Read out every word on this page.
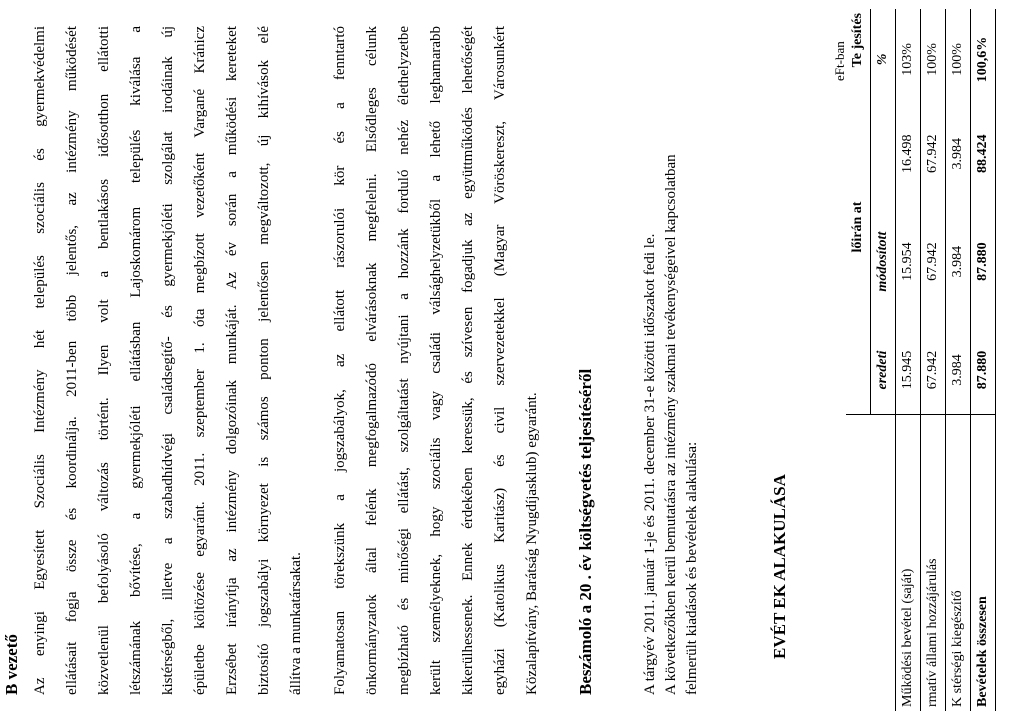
B vezető Az enyingi Egyesített Szociális Intézmény hét település szociális és gyermekvédelmi ellátásait fogja össze és koordinálja. 2011-ben több jelentős, az intézmény működését közvetlenül befolyásoló változás történt. Ilyen volt a bentlakásos idősotthon ellátotti létszámának bővítése, a gyermekjóléti ellátásban Lajoskomárom település kiválása a kistérségből, illetve a szabadhídvégi családsegítő- és gyermekjóléti szolgálat irodáinak új épületbe költözése egyaránt. 2011. szeptember 1. óta megbízott vezetőként Varga​né Kránicz Erzsébet irányítja az intézmény dolgozóinak munkáját. Az év során a működési kereteket biztosító jogszabályi környezet is számos ponton jelentősen megváltozott, új kihívások elé állítva a munkatársakat. Folyamatosan törekszünk a jogszabályok, az ellátott rászorulói kör és a fenntartó önkormányzatok által felénk megfogalmazódó elvárásoknak megfelelni. Elsődleges célunk megbízható és minőségi ellátást, szolgáltatást nyújtani a hozzánk forduló nehéz élethelyzetbe került személyeknek, hogy szociális vagy családi válsághelyzetükből a lehető leghamarabb kikerülhessenek. Ennek érdekében keressük, és szívesen fogadjuk az együttműködés lehetőségét egyházi (Katolikus Karitász) és civil szervezetekkel (Magyar Vöröskereszt, Városunkért Közalapítvány, Barátság Nyugdíjasklub) egyaránt. Beszámoló a 20 . év költségvetés teljesítéséről	A tárgyév 2011. január 1-je és 2011. december 31-e közötti időszakot fedi le. A következőkben kerül bemutatásra az intézmény szakmai tevékenységeivel kapcsolatban felmerült kiadások és bevételek alakulása:	EVÉT EK ALAKULÁSA
eFt-ban
	lőirán at		Te jesítés	
	eredeti	módosított		%
Működési bevétel (saját)	15.945	15.954	16.498	103%
rmatív állami hozzájárulás	67.942	67.942	67.942	100%
K stérségi kiegészítő	3.984	3.984	3.984	100%
Bevételek összesen	87.880	87.880	88.424	100,6%
